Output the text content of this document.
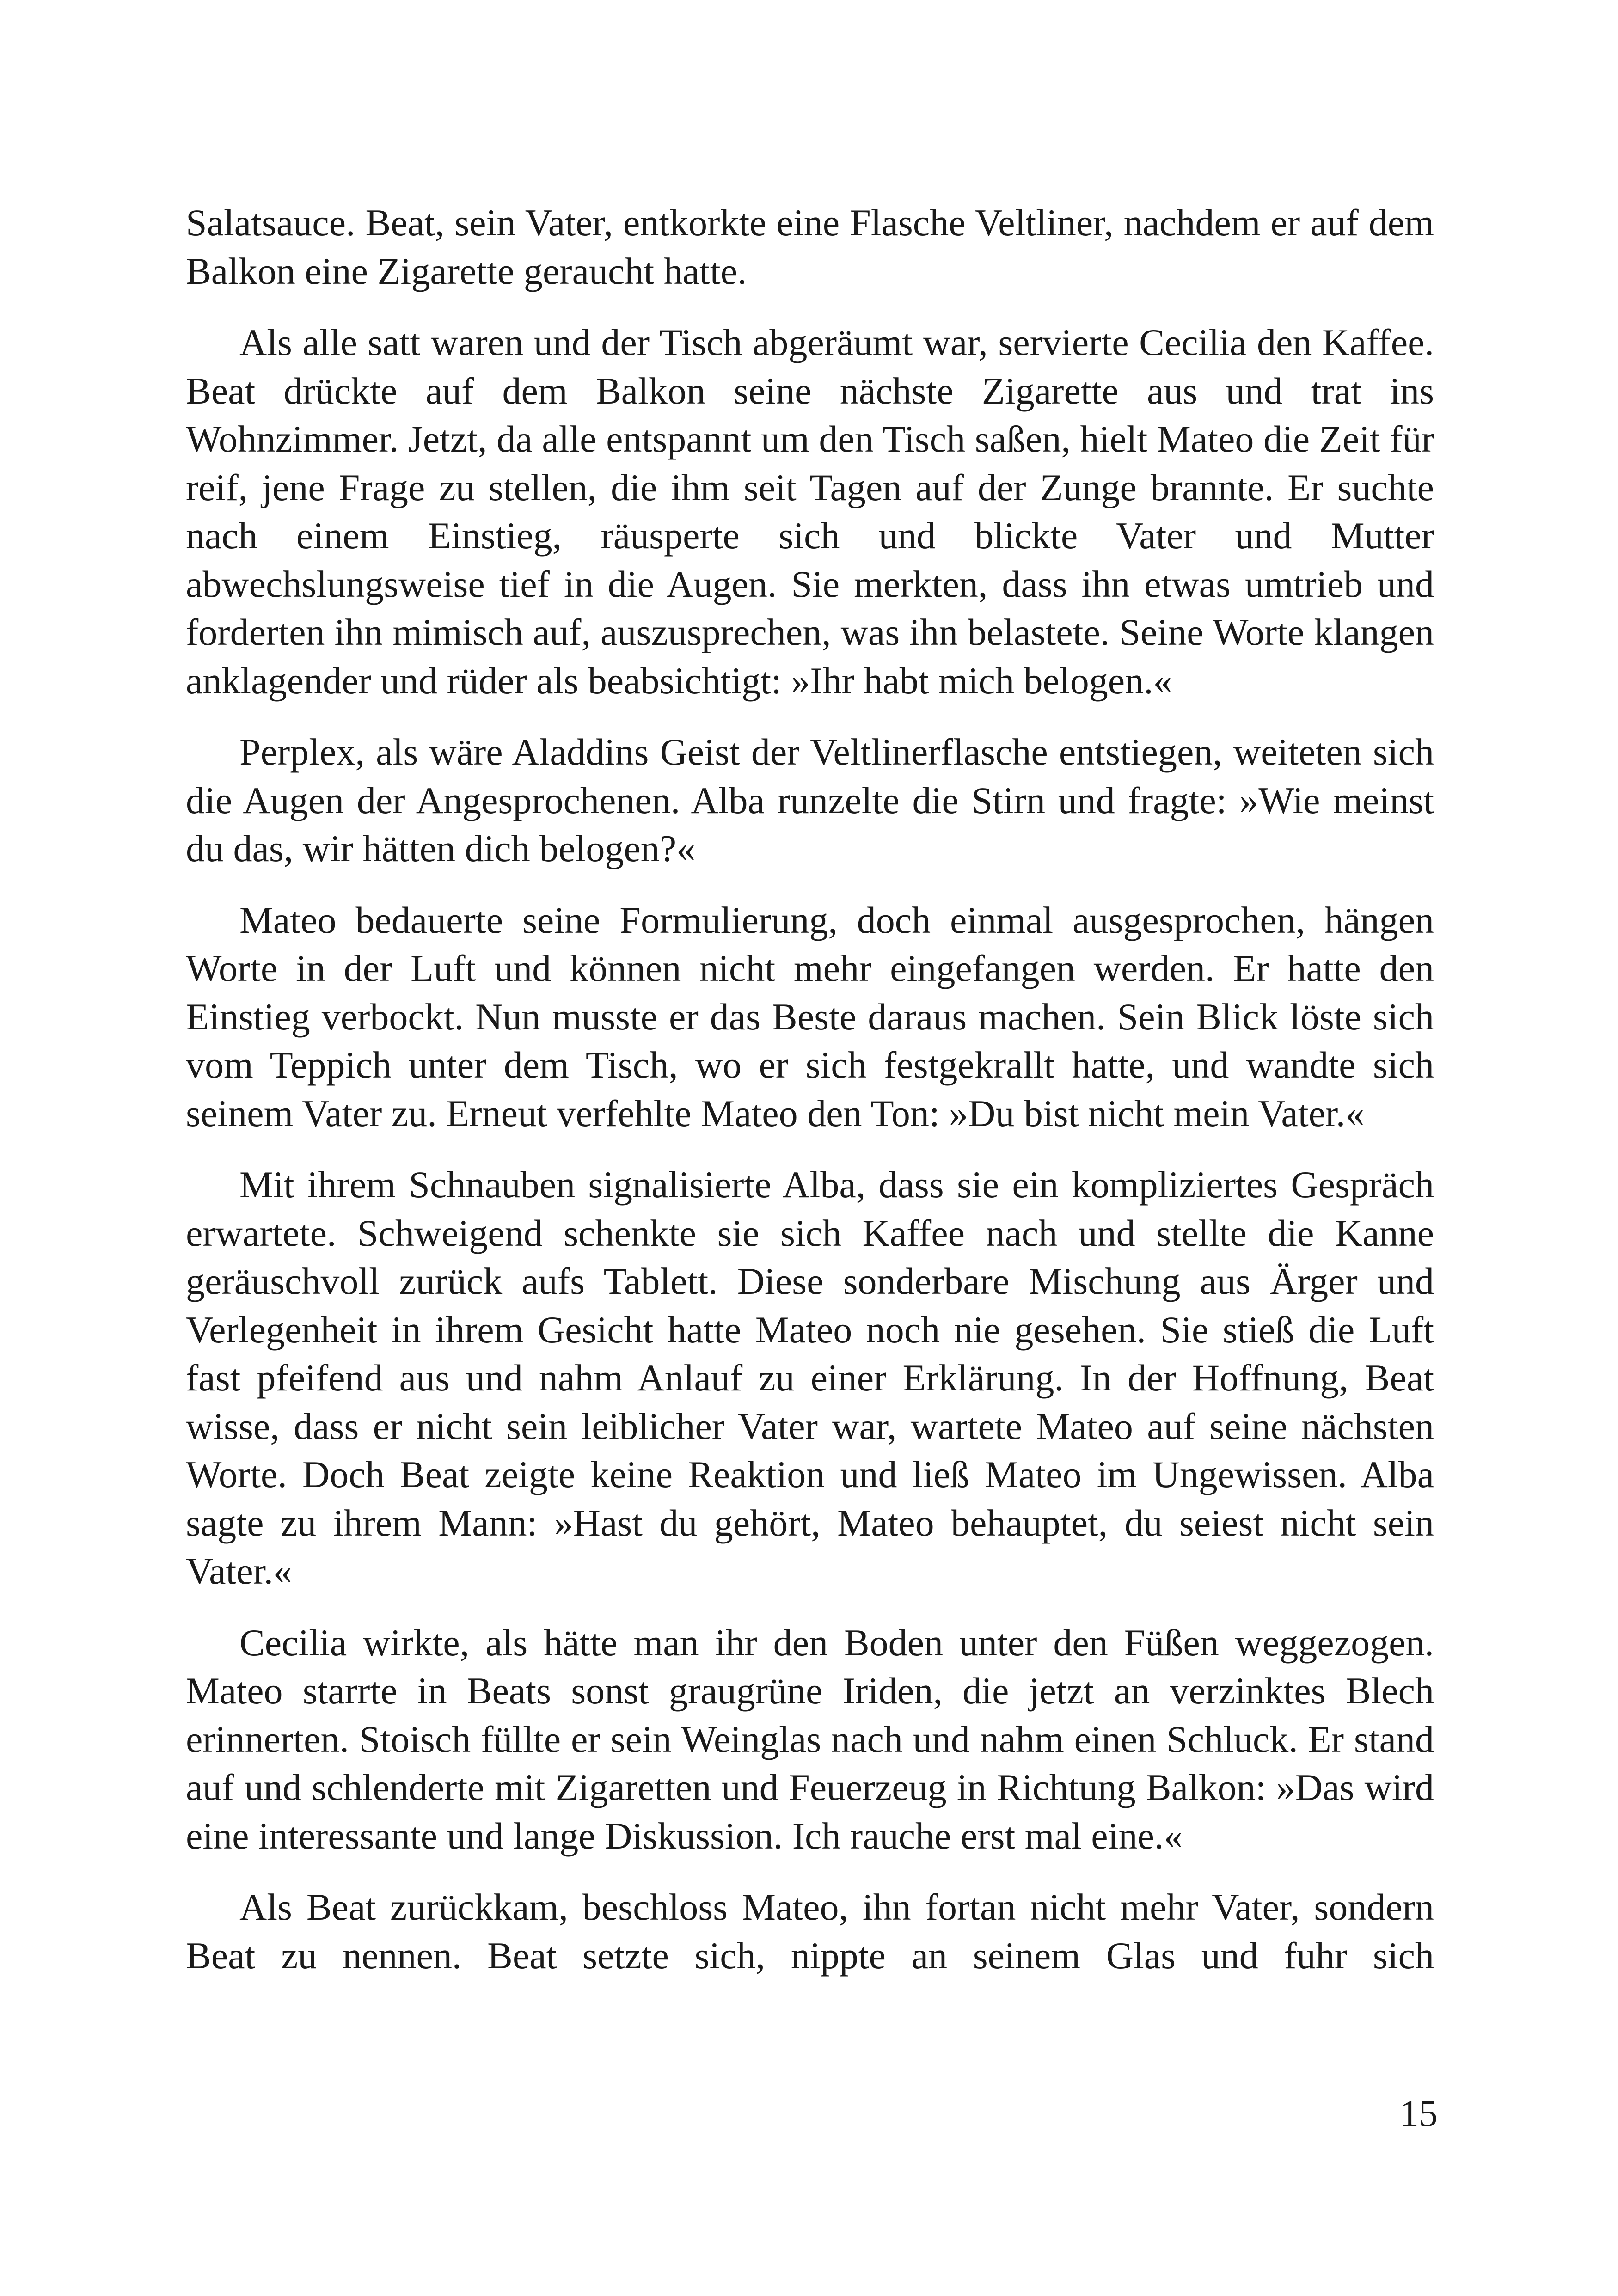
Salatsauce. Beat, sein Vater, entkorkte eine Flasche Veltliner, nachdem er auf dem Balkon eine Zigarette geraucht hatte.

Als alle satt waren und der Tisch abgeräumt war, servierte Cecilia den Kaffee. Beat drückte auf dem Balkon seine nächste Zigarette aus und trat ins Wohnzimmer. Jetzt, da alle entspannt um den Tisch saßen, hielt Mateo die Zeit für reif, jene Frage zu stellen, die ihm seit Tagen auf der Zunge brannte. Er suchte nach einem Einstieg, räusperte sich und blickte Vater und Mutter abwechslungsweise tief in die Augen. Sie merkten, dass ihn etwas umtrieb und forderten ihn mimisch auf, auszusprechen, was ihn belastete. Seine Worte klangen anklagender und rüder als beabsichtigt: »Ihr habt mich belogen.«

Perplex, als wäre Aladdins Geist der Veltlinerflasche entstiegen, weiteten sich die Augen der Angesprochenen. Alba runzelte die Stirn und fragte: »Wie meinst du das, wir hätten dich belogen?«

Mateo bedauerte seine Formulierung, doch einmal ausgesprochen, hängen Worte in der Luft und können nicht mehr eingefangen werden. Er hatte den Einstieg verbockt. Nun musste er das Beste daraus machen. Sein Blick löste sich vom Teppich unter dem Tisch, wo er sich festgekrallt hatte, und wandte sich seinem Vater zu. Erneut verfehlte Mateo den Ton: »Du bist nicht mein Vater.«

Mit ihrem Schnauben signalisierte Alba, dass sie ein kompliziertes Gespräch erwartete. Schweigend schenkte sie sich Kaffee nach und stellte die Kanne geräuschvoll zurück aufs Tablett. Diese sonderbare Mischung aus Ärger und Verlegenheit in ihrem Gesicht hatte Mateo noch nie gesehen. Sie stieß die Luft fast pfeifend aus und nahm Anlauf zu einer Erklärung. In der Hoffnung, Beat wisse, dass er nicht sein leiblicher Vater war, wartete Mateo auf seine nächsten Worte. Doch Beat zeigte keine Reaktion und ließ Mateo im Ungewissen. Alba sagte zu ihrem Mann: »Hast du gehört, Mateo behauptet, du seiest nicht sein Vater.«

Cecilia wirkte, als hätte man ihr den Boden unter den Füßen weggezogen. Mateo starrte in Beats sonst graugrüne Iriden, die jetzt an verzinktes Blech erinnerten. Stoisch füllte er sein Weinglas nach und nahm einen Schluck. Er stand auf und schlenderte mit Zigaretten und Feuerzeug in Richtung Balkon: »Das wird eine interessante und lange Diskussion. Ich rauche erst mal eine.«

Als Beat zurückkam, beschloss Mateo, ihn fortan nicht mehr Vater, sondern Beat zu nennen. Beat setzte sich, nippte an seinem Glas und fuhr sich

15
